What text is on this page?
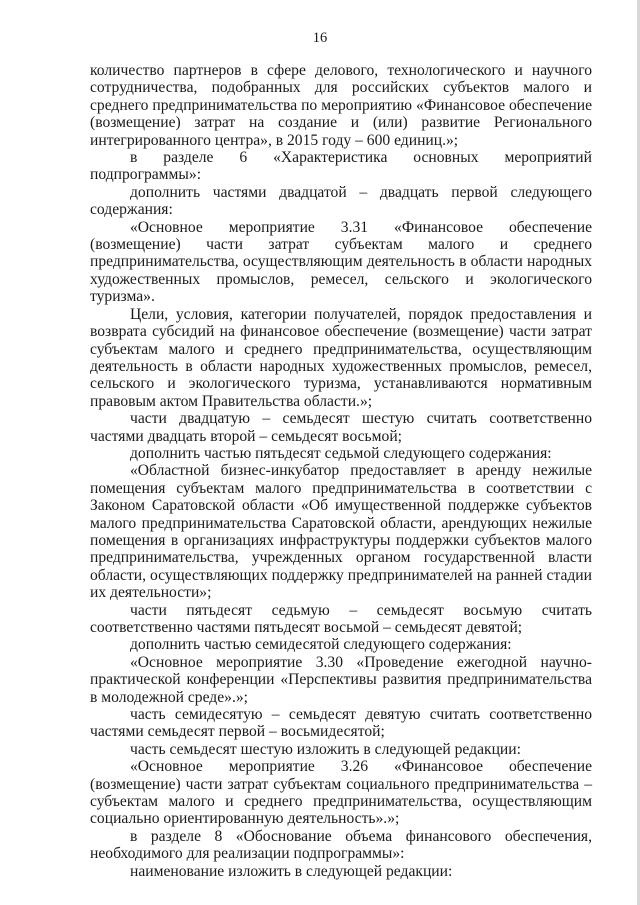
16

количество партнеров в сфере делового, технологического и научного сотрудничества, подобранных для российских субъектов малого и среднего предпринимательства по мероприятию «Финансовое обеспечение (возмещение) затрат на создание и (или) развитие Регионального интегрированного центра», в 2015 году – 600 единиц.»;

в разделе 6 «Характеристика основных мероприятий подпрограммы»:

дополнить частями двадцатой – двадцать первой следующего содержания:

«Основное мероприятие 3.31 «Финансовое обеспечение (возмещение) части затрат субъектам малого и среднего предпринимательства, осуществляющим деятельность в области народных художественных промыслов, ремесел, сельского и экологического туризма».

Цели, условия, категории получателей, порядок предоставления и возврата субсидий на финансовое обеспечение (возмещение) части затрат субъектам малого и среднего предпринимательства, осуществляющим деятельность в области народных художественных промыслов, ремесел, сельского и экологического туризма, устанавливаются нормативным правовым актом Правительства области.»;

части двадцатую – семьдесят шестую считать соответственно частями двадцать второй – семьдесят восьмой;

дополнить частью пятьдесят седьмой следующего содержания:

«Областной бизнес-инкубатор предоставляет в аренду нежилые помещения субъектам малого предпринимательства в соответствии с Законом Саратовской области «Об имущественной поддержке субъектов малого предпринимательства Саратовской области, арендующих нежилые помещения в организациях инфраструктуры поддержки субъектов малого предпринимательства, учрежденных органом государственной власти области, осуществляющих поддержку предпринимателей на ранней стадии их деятельности»;

части пятьдесят седьмую – семьдесят восьмую считать соответственно частями пятьдесят восьмой – семьдесят девятой;

дополнить частью семидесятой следующего содержания:

«Основное мероприятие 3.30 «Проведение ежегодной научно-практической конференции «Перспективы развития предпринимательства в молодежной среде».»;

часть семидесятую – семьдесят девятую считать соответственно частями семьдесят первой – восьмидесятой;

часть семьдесят шестую изложить в следующей редакции:

«Основное мероприятие 3.26 «Финансовое обеспечение (возмещение) части затрат субъектам социального предпринимательства – субъектам малого и среднего предпринимательства, осуществляющим социально ориентированную деятельность».»;

в разделе 8 «Обоснование объема финансового обеспечения, необходимого для реализации подпрограммы»:

наименование изложить в следующей редакции:
